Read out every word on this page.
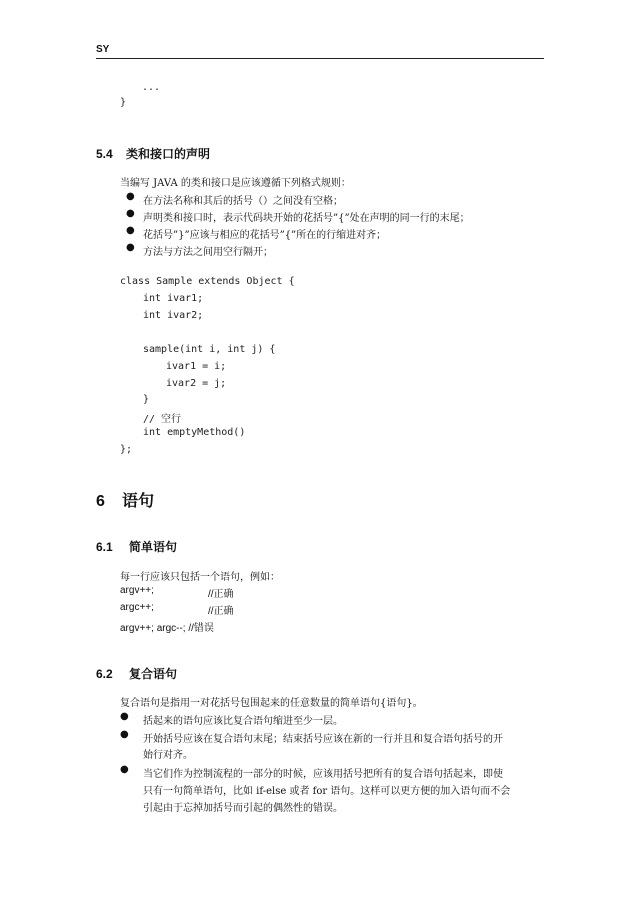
SY
...
}
5.4 类和接口的声明
当编写 JAVA 的类和接口是应该遵循下列格式规则：
● 在方法名称和其后的括号（）之间没有空格；
● 声明类和接口时，表示代码块开始的花括号”{”处在声明的同一行的末尾；
● 花括号”}”应该与相应的花括号”{”所在的行缩进对齐；
● 方法与方法之间用空行隔开；
class Sample extends Object {
int ivar1;
int ivar2;
sample(int i, int j) {
ivar1 = i;
ivar2 = j;
}
// 空行
int emptyMethod()
};
6 语句
6.1 简单语句
每一行应该只包括一个语句，例如：
argv++;	//正确
argc++;	//正确
argv++; argc--; //错误
6.2 复合语句
复合语句是指用一对花括号包围起来的任意数量的简单语句{语句}。
● 括起来的语句应该比复合语句缩进至少一层。
● 开始括号应该在复合语句末尾；结束括号应该在新的一行并且和复合语句括号的开
始行对齐。
● 当它们作为控制流程的一部分的时候，应该用括号把所有的复合语句括起来，即使
只有一句简单语句，比如 if-else 或者 for 语句。这样可以更方便的加入语句而不会
引起由于忘掉加括号而引起的偶然性的错误。
